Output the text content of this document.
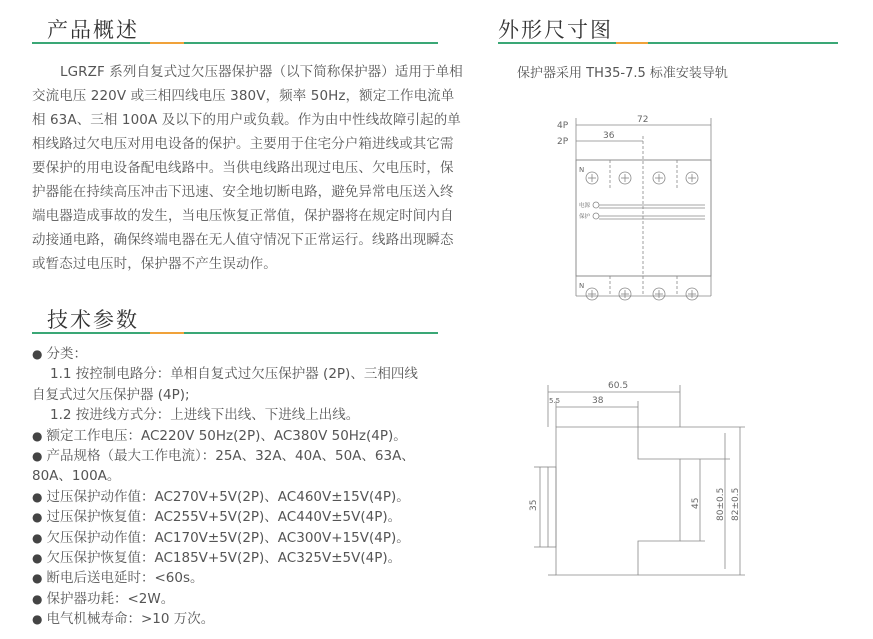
产品概述

LGRZF 系列自复式过欠压器保护器（以下简称保护器）适用于单相交流电压 220V 或三相四线电压 380V，频率 50Hz，额定工作电流单相 63A、三相 100A 及以下的用户或负载。作为由中性线故障引起的单相线路过欠电压对用电设备的保护。主要用于住宅分户箱进线或其它需要保护的用电设备配电线路中。当供电线路出现过电压、欠电压时，保护器能在持续高压冲击下迅速、安全地切断电路，避免异常电压送入终端电器造成事故的发生，当电压恢复正常值，保护器将在规定时间内自动接通电路，确保终端电器在无人值守情况下正常运行。线路出现瞬态或暂态过电压时，保护器不产生误动作。

技术参数
● 分类：
1.1 按控制电路分：单相自复式过欠压保护器 (2P)、三相四线
自复式过欠压保护器 (4P);
1.2 按进线方式分：上进线下出线、下进线上出线。
● 额定工作电压：AC220V 50Hz(2P)、AC380V 50Hz(4P)。
● 产品规格（最大工作电流）：25A、32A、40A、50A、63A、
80A、100A。
● 过压保护动作值：AC270V+5V(2P)、AC460V±15V(4P)。
● 过压保护恢复值：AC255V+5V(2P)、AC440V±5V(4P)。
● 欠压保护动作值：AC170V±5V(2P)、AC300V+15V(4P)。
● 欠压保护恢复值：AC185V+5V(2P)、AC325V±5V(4P)。
● 断电后送电延时：<60s。
● 保护器功耗：<2W。
● 电气机械寿命：>10 万次。
外形尺寸图
保护器采用 TH35-7.5 标准安装导轨
4P
2P
72
36
N
N
电源
保护
60.5
38
5.5
35	45 80±0.5 82±0.5
